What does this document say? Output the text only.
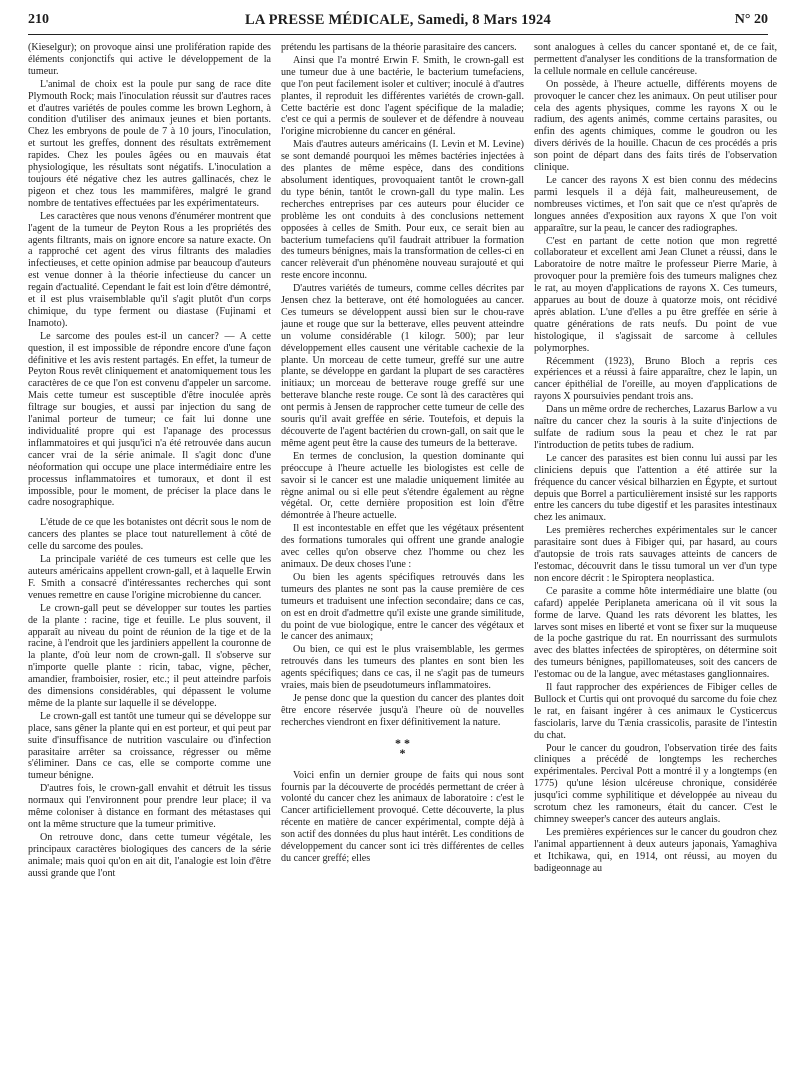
210	LA PRESSE MÉDICALE, Samedi, 8 Mars 1924	N° 20

(Kieselgur); on provoque ainsi une prolifération rapide des éléments conjonctifs qui active le développement de la tumeur.

L'animal de choix est la poule pur sang de race dite Plymouth Rock; mais l'inoculation réussit sur d'autres races et d'autres variétés de poules comme les brown Leghorn, à condition d'utiliser des animaux jeunes et bien portants. Chez les embryons de poule de 7 à 10 jours, l'inoculation, et surtout les greffes, donnent des résultats extrêmement rapides. Chez les poules âgées ou en mauvais état physiologique, les résultats sont négatifs. L'inoculation a toujours été négative chez les autres gallinacés, chez le pigeon et chez tous les mammifères, malgré le grand nombre de tentatives effectuées par les expérimentateurs.

Les caractères que nous venons d'énumérer montrent que l'agent de la tumeur de Peyton Rous a les propriétés des agents filtrants, mais on ignore encore sa nature exacte. On a rapproché cet agent des virus filtrants des maladies infectieuses, et cette opinion admise par beaucoup d'auteurs est venue donner à la théorie infectieuse du cancer un regain d'actualité. Cependant le fait est loin d'être démontré, et il est plus vraisemblable qu'il s'agit plutôt d'un corps chimique, du type ferment ou diastase (Fujinami et Inamoto).

Le sarcome des poules est-il un cancer? — A cette question, il est impossible de répondre encore d'une façon définitive et les avis restent partagés. En effet, la tumeur de Peyton Rous revêt cliniquement et anatomiquement tous les caractères de ce que l'on est convenu d'appeler un sarcome. Mais cette tumeur est susceptible d'être inoculée après filtrage sur bougies, et aussi par injection du sang de l'animal porteur de tumeur; ce fait lui donne une individualité propre qui est l'apanage des processus inflammatoires et qui jusqu'ici n'a été retrouvée dans aucun cancer vrai de la série animale. Il s'agit donc d'une néoformation qui occupe une place intermédiaire entre les processus inflammatoires et tumoraux, et dont il est impossible, pour le moment, de préciser la place dans le cadre nosographique.

L'étude de ce que les botanistes ont décrit sous le nom de cancers des plantes se place tout naturellement à côté de celle du sarcome des poules.

La principale variété de ces tumeurs est celle que les auteurs américains appellent crown-gall, et à laquelle Erwin F. Smith a consacré d'intéressantes recherches qui sont venues remettre en cause l'origine microbienne du cancer.

Le crown-gall peut se développer sur toutes les parties de la plante : racine, tige et feuille. Le plus souvent, il apparaît au niveau du point de réunion de la tige et de la racine, à l'endroit que les jardiniers appellent la couronne de la plante, d'où leur nom de crown-gall. Il s'observe sur n'importe quelle plante : ricin, tabac, vigne, pêcher, amandier, framboisier, rosier, etc.; il peut atteindre parfois des dimensions considérables, qui dépassent le volume même de la plante sur laquelle il se développe.

Le crown-gall est tantôt une tumeur qui se développe sur place, sans gêner la plante qui en est porteur, et qui peut par suite d'insuffisance de nutrition vasculaire ou d'infection parasitaire arrêter sa croissance, régresser ou même s'éliminer. Dans ce cas, elle se comporte comme une tumeur bénigne.

D'autres fois, le crown-gall envahit et détruit les tissus normaux qui l'environnent pour prendre leur place; il va même coloniser à distance en formant des métastases qui ont la même structure que la tumeur primitive.

On retrouve donc, dans cette tumeur végétale, les principaux caractères biologiques des cancers de la série animale; mais quoi qu'on en ait dit, l'analogie est loin d'être aussi grande que l'ont

prétendu les partisans de la théorie parasitaire des cancers.

Ainsi que l'a montré Erwin F. Smith, le crown-gall est une tumeur due à une bactérie, le bacterium tumefaciens, que l'on peut facilement isoler et cultiver; inoculé à d'autres plantes, il reproduit les différentes variétés de crown-gall. Cette bactérie est donc l'agent spécifique de la maladie; c'est ce qui a permis de soulever et de défendre à nouveau l'origine microbienne du cancer en général.

Mais d'autres auteurs américains (I. Levin et M. Levine) se sont demandé pourquoi les mêmes bactéries injectées à des plantes de même espèce, dans des conditions absolument identiques, provoquaient tantôt le crown-gall du type bénin, tantôt le crown-gall du type malin. Les recherches entreprises par ces auteurs pour élucider ce problème les ont conduits à des conclusions nettement opposées à celles de Smith. Pour eux, ce serait bien au bacterium tumefaciens qu'il faudrait attribuer la formation des tumeurs bénignes, mais la transformation de celles-ci en cancer relèverait d'un phénomène nouveau surajouté et qui reste encore inconnu.

D'autres variétés de tumeurs, comme celles décrites par Jensen chez la betterave, ont été homologuées au cancer. Ces tumeurs se développent aussi bien sur le chou-rave jaune et rouge que sur la betterave, elles peuvent atteindre un volume considérable (1 kilogr. 500); par leur développement elles causent une véritable cachexie de la plante. Un morceau de cette tumeur, greffé sur une autre plante, se développe en gardant la plupart de ses caractères initiaux; un morceau de betterave rouge greffé sur une betterave blanche reste rouge. Ce sont là des caractères qui ont permis à Jensen de rapprocher cette tumeur de celle des souris qu'il avait greffée en série. Toutefois, et depuis la découverte de l'agent bactérien du crown-gall, on sait que le même agent peut être la cause des tumeurs de la betterave.

En termes de conclusion, la question dominante qui préoccupe à l'heure actuelle les biologistes est celle de savoir si le cancer est une maladie uniquement limitée au règne animal ou si elle peut s'étendre également au règne végétal. Or, cette dernière proposition est loin d'être démontrée à l'heure actuelle.

Il est incontestable en effet que les végétaux présentent des formations tumorales qui offrent une grande analogie avec celles qu'on observe chez l'homme ou chez les animaux. De deux choses l'une :

Ou bien les agents spécifiques retrouvés dans les tumeurs des plantes ne sont pas la cause première de ces tumeurs et traduisent une infection secondaire; dans ce cas, on est en droit d'admettre qu'il existe une grande similitude, du point de vue biologique, entre le cancer des végétaux et le cancer des animaux;

Ou bien, ce qui est le plus vraisemblable, les germes retrouvés dans les tumeurs des plantes en sont bien les agents spécifiques; dans ce cas, il ne s'agit pas de tumeurs vraies, mais bien de pseudotumeurs inflammatoires.

Je pense donc que la question du cancer des plantes doit être encore réservée jusqu'à l'heure où de nouvelles recherches viendront en fixer définitivement la nature.

* *
*

Voici enfin un dernier groupe de faits qui nous sont fournis par la découverte de procédés permettant de créer à volonté du cancer chez les animaux de laboratoire : c'est le Cancer artificiellement provoqué. Cette découverte, la plus récente en matière de cancer expérimental, compte déjà à son actif des données du plus haut intérêt. Les conditions de développement du cancer sont ici très différentes de celles du cancer greffé; elles

sont analogues à celles du cancer spontané et, de ce fait, permettent d'analyser les conditions de la transformation de la cellule normale en cellule cancéreuse.

On possède, à l'heure actuelle, différents moyens de provoquer le cancer chez les animaux. On peut utiliser pour cela des agents physiques, comme les rayons X ou le radium, des agents animés, comme certains parasites, ou enfin des agents chimiques, comme le goudron ou les divers dérivés de la houille. Chacun de ces procédés a pris son point de départ dans des faits tirés de l'observation clinique.

Le cancer des rayons X est bien connu des médecins parmi lesquels il a déjà fait, malheureusement, de nombreuses victimes, et l'on sait que ce n'est qu'après de longues années d'exposition aux rayons X que l'on voit apparaître, sur la peau, le cancer des radiographes.

C'est en partant de cette notion que mon regretté collaborateur et excellent ami Jean Clunet a réussi, dans le Laboratoire de notre maître le professeur Pierre Marie, à provoquer pour la première fois des tumeurs malignes chez le rat, au moyen d'applications de rayons X. Ces tumeurs, apparues au bout de douze à quatorze mois, ont récidivé après ablation. L'une d'elles a pu être greffée en série à quatre générations de rats neufs. Du point de vue histologique, il s'agissait de sarcome à cellules polymorphes.

Récemment (1923), Bruno Bloch a repris ces expériences et a réussi à faire apparaître, chez le lapin, un cancer épithélial de l'oreille, au moyen d'applications de rayons X poursuivies pendant trois ans.

Dans un même ordre de recherches, Lazarus Barlow a vu naître du cancer chez la souris à la suite d'injections de sulfate de radium sous la peau et chez le rat par l'introduction de petits tubes de radium.

Le cancer des parasites est bien connu lui aussi par les cliniciens depuis que l'attention a été attirée sur la fréquence du cancer vésical bilharzien en Égypte, et surtout depuis que Borrel a particulièrement insisté sur les rapports entre les cancers du tube digestif et les parasites intestinaux chez les animaux.

Les premières recherches expérimentales sur le cancer parasitaire sont dues à Fibiger qui, par hasard, au cours d'autopsie de trois rats sauvages atteints de cancers de l'estomac, découvrit dans le tissu tumoral un ver d'un type non encore décrit : le Spiroptera neoplastica.

Ce parasite a comme hôte intermédiaire une blatte (ou cafard) appelée Periplaneta americana où il vit sous la forme de larve. Quand les rats dévorent les blattes, les larves sont mises en liberté et vont se fixer sur la muqueuse de la poche gastrique du rat. En nourrissant des surmulots avec des blattes infectées de spiroptères, on détermine soit des tumeurs bénignes, papillomateuses, soit des cancers de l'estomac ou de la langue, avec métastases ganglionnaires.

Il faut rapprocher des expériences de Fibiger celles de Bullock et Curtis qui ont provoqué du sarcome du foie chez le rat, en faisant ingérer à ces animaux le Cysticercus fasciolaris, larve du Tænia crassicolis, parasite de l'intestin du chat.

Pour le cancer du goudron, l'observation tirée des faits cliniques a précédé de longtemps les recherches expérimentales. Percival Pott a montré il y a longtemps (en 1775) qu'une lésion ulcéreuse chronique, considérée jusqu'ici comme syphilitique et développée au niveau du scrotum chez les ramoneurs, était du cancer. C'est le chimney sweeper's cancer des auteurs anglais.

Les premières expériences sur le cancer du goudron chez l'animal appartiennent à deux auteurs japonais, Yamaghiva et Itchikawa, qui, en 1914, ont réussi, au moyen du badigeonnage au
